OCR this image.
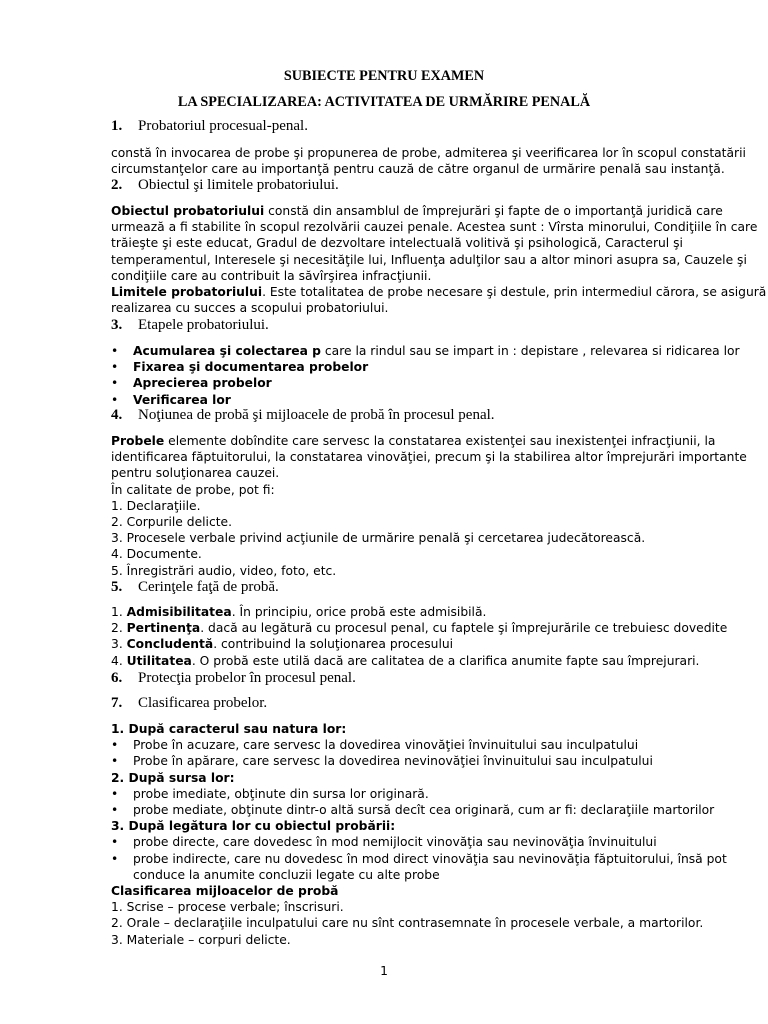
SUBIECTE PENTRU EXAMEN
LA SPECIALIZAREA: ACTIVITATEA DE URMĂRIRE PENALĂ
1. Probatoriul procesual-penal.
constă în invocarea de probe şi propunerea de probe, admiterea şi veerificarea lor în scopul constatării
circumstanţelor care au importanţă pentru cauză de către organul de urmărire penală sau instanţă.
2. Obiectul şi limitele probatoriului.
Obiectul probatoriului constă din ansamblul de împrejurări şi fapte de o importanţă juridică care
urmează a fi stabilite în scopul rezolvării cauzei penale. Acestea sunt : Vîrsta minorului, Condiţiile în care
trăieşte şi este educat, Gradul de dezvoltare intelectuală volitivă şi psihologică, Caracterul şi
temperamentul, Interesele şi necesităţile lui, Influenţa adulţilor sau a altor minori asupra sa, Cauzele şi
condiţiile care au contribuit la săvîrşirea infracţiunii.
Limitele probatoriului. Este totalitatea de probe necesare şi destule, prin intermediul cărora, se asigură
realizarea cu succes a scopului probatoriului.
3. Etapele probatoriului.
• Acumularea şi colectarea p care la rindul sau se impart in : depistare , relevarea si ridicarea lor
• Fixarea şi documentarea probelor
• Aprecierea probelor
• Verificarea lor
4. Noţiunea de probă şi mijloacele de probă în procesul penal.
Probele elemente dobîndite care servesc la constatarea existenţei sau inexistenţei infracţiunii, la
identificarea făptuitorului, la constatarea vinovăţiei, precum şi la stabilirea altor împrejurări importante
pentru soluţionarea cauzei.
În calitate de probe, pot fi:
1. Declaraţiile.
2. Corpurile delicte.
3. Procesele verbale privind acţiunile de urmărire penală şi cercetarea judecătorească.
4. Documente.
5. Înregistrări audio, video, foto, etc.
5. Cerinţele faţă de probă.
1. Admisibilitatea. În principiu, orice probă este admisibilă.
2. Pertinenţa. dacă au legătură cu procesul penal, cu faptele şi împrejurările ce trebuiesc dovedite
3. Concludentă. contribuind la soluţionarea procesului
4. Utilitatea. O probă este utilă dacă are calitatea de a clarifica anumite fapte sau împrejurari.
6. Protecţia probelor în procesul penal.
7. Clasificarea probelor.
1. După caracterul sau natura lor:
• Probe în acuzare, care servesc la dovedirea vinovăţiei învinuitului sau inculpatului
• Probe în apărare, care servesc la dovedirea nevinovăţiei învinuitului sau inculpatului
2. După sursa lor:
• probe imediate, obţinute din sursa lor originară.
• probe mediate, obţinute dintr-o altă sursă decît cea originară, cum ar fi: declaraţiile martorilor
3. După legătura lor cu obiectul probării:
• probe directe, care dovedesc în mod nemijlocit vinovăţia sau nevinovăţia învinuitului
• probe indirecte, care nu dovedesc în mod direct vinovăţia sau nevinovăţia făptuitorului, însă pot
conduce la anumite concluzii legate cu alte probe
Clasificarea mijloacelor de probă
1. Scrise – procese verbale; înscrisuri.
2. Orale – declaraţiile inculpatului care nu sînt contrasemnate în procesele verbale, a martorilor.
3. Materiale – corpuri delicte.
1
